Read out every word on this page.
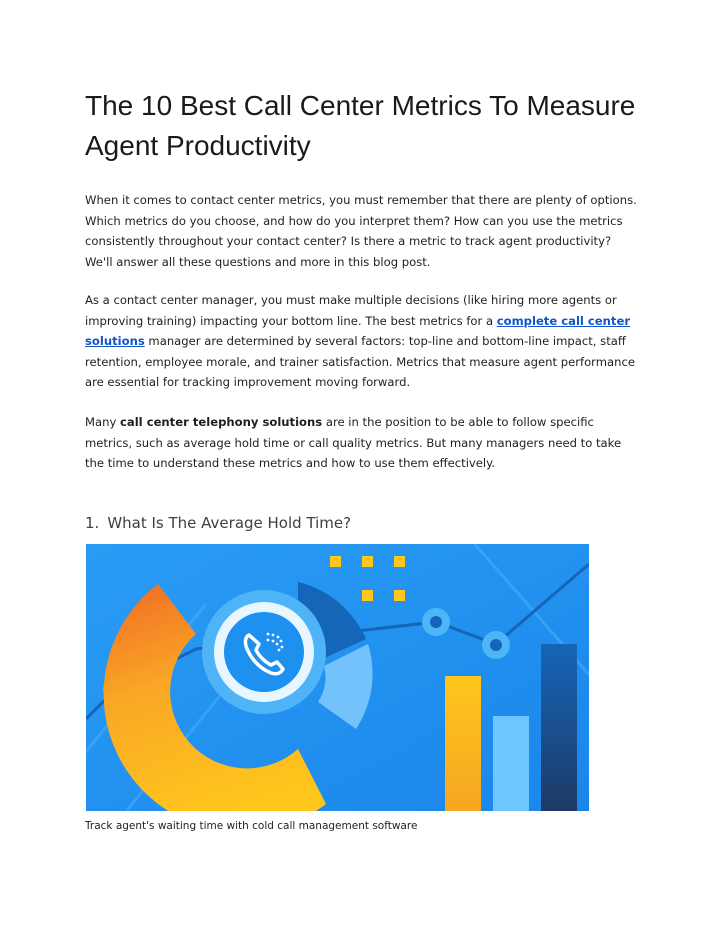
The 10 Best Call Center Metrics To Measure Agent Productivity

When it comes to contact center metrics, you must remember that there are plenty of options. Which metrics do you choose, and how do you interpret them? How can you use the metrics consistently throughout your contact center? Is there a metric to track agent productivity? We'll answer all these questions and more in this blog post.

As a contact center manager, you must make multiple decisions (like hiring more agents or improving training) impacting your bottom line. The best metrics for a complete call center solutions manager are determined by several factors: top-line and bottom-line impact, staff retention, employee morale, and trainer satisfaction. Metrics that measure agent performance are essential for tracking improvement moving forward.

Many call center telephony solutions are in the position to be able to follow specific metrics, such as average hold time or call quality metrics. But many managers need to take the time to understand these metrics and how to use them effectively.

1. What Is The Average Hold Time?

Track agent's waiting time with cold call management software
